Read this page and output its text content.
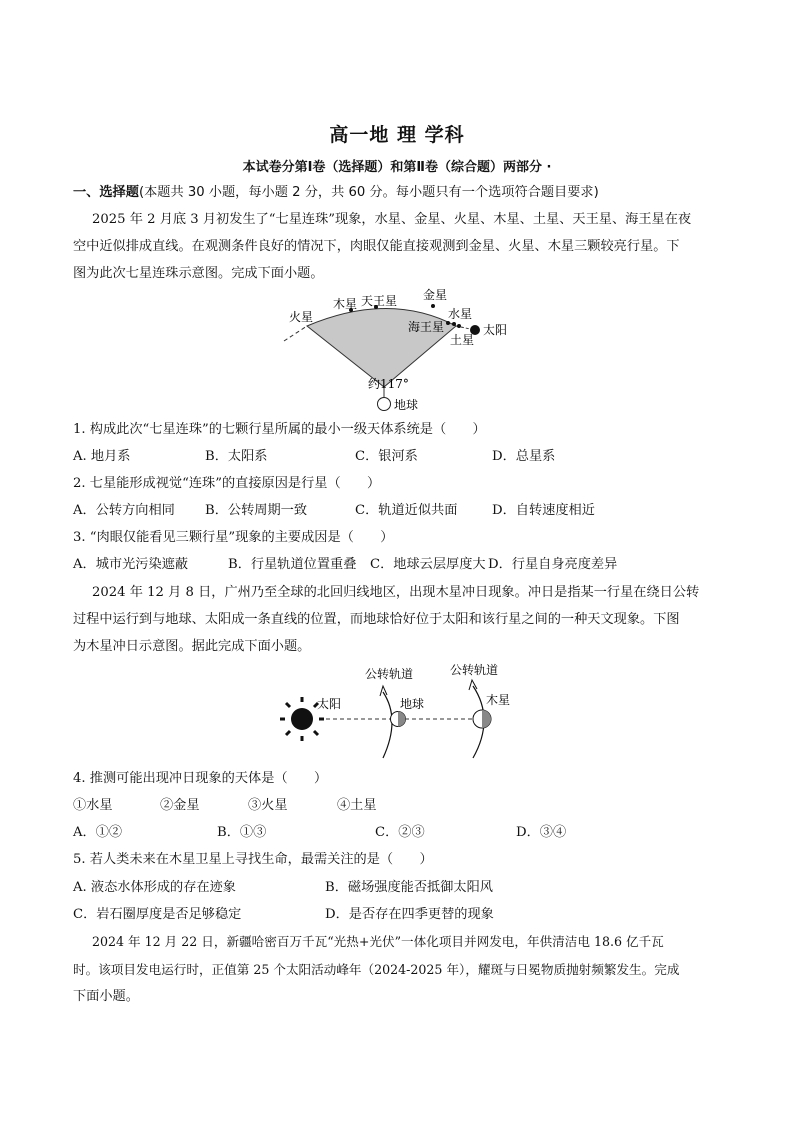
高一地 理 学科
本试卷分第Ⅰ卷（选择题）和第Ⅱ卷（综合题）两部分 ·
一、选择题(本题共 30 小题，每小题 2 分，共 60 分。每小题只有一个选项符合题目要求)
2025 年 2 月底 3 月初发生了“七星连珠”现象，水星、金星、火星、木星、土星、天王星、海王星在夜
空中近似排成直线。在观测条件良好的情况下，肉眼仅能直接观测到金星、火星、木星三颗较亮行星。下
图为此次七星连珠示意图。完成下面小题。
火星
木星 天王星 金星
水星
海王星
土星
太阳
地球
约117°
1. 构成此次“七星连珠”的七颗行星所属的最小一级天体系统是（　　）
A. 地月系	B．太阳系	C．银河系	D．总星系
2. 七星能形成视觉“连珠”的直接原因是行星（　　）
A．公转方向相同 B．公转周期一致	C．轨道近似共面	D．自转速度相近
3. “肉眼仅能看见三颗行星”现象的主要成因是（　　）
A．城市光污染遮蔽	B．行星轨道位置重叠 C．地球云层厚度大 D．行星自身亮度差异
2024 年 12 月 8 日，广州乃至全球的北回归线地区，出现木星冲日现象。冲日是指某一行星在绕日公转
过程中运行到与地球、太阳成一条直线的位置，而地球恰好位于太阳和该行星之间的一种天文现象。下图
为木星冲日示意图。据此完成下面小题。
太阳	地球	木星
公转轨道	公转轨道
4. 推测可能出现冲日现象的天体是（　　）
①水星	②金星	③火星	④土星
A．①②	B．①③	C．②③	D．③④
5. 若人类未来在木星卫星上寻找生命，最需关注的是（　　）
A. 液态水体形成的存在迹象	B．磁场强度能否抵御太阳风
C．岩石圈厚度是否足够稳定	D．是否存在四季更替的现象
2024 年 12 月 22 日，新疆哈密百万千瓦“光热+光伏”一体化项目并网发电，年供清洁电 18.6 亿千瓦
时。该项目发电运行时，正值第 25 个太阳活动峰年（2024-2025 年），耀斑与日冕物质抛射频繁发生。完成
下面小题。
